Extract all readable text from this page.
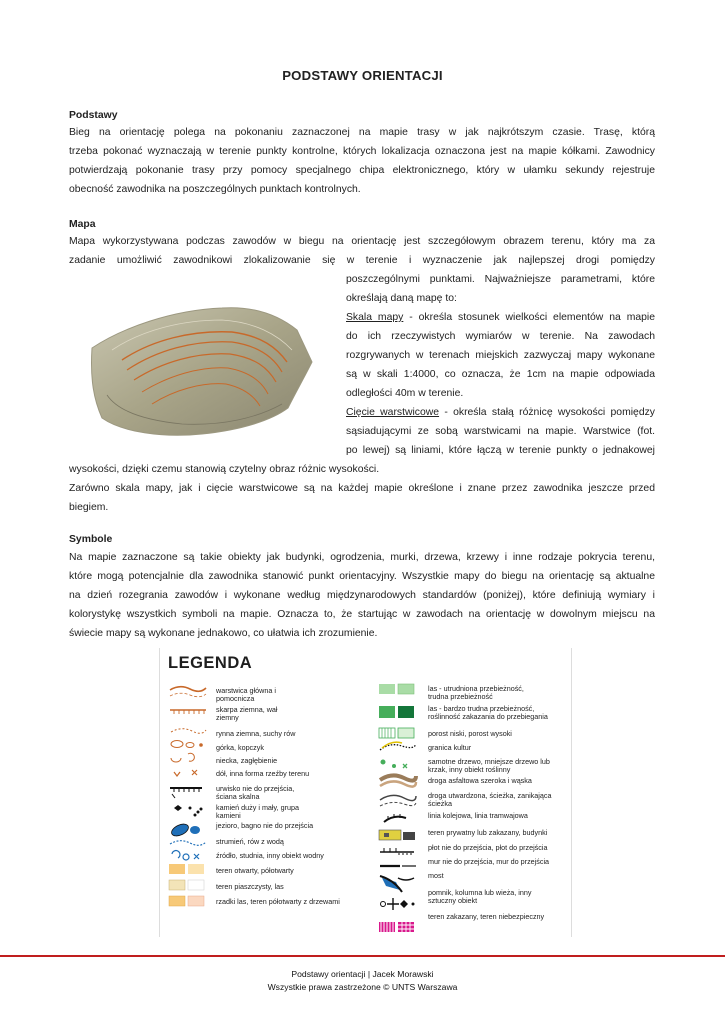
PODSTAWY ORIENTACJI
Podstawy
Bieg na orientację polega na pokonaniu zaznaczonej na mapie trasy w jak najkrótszym czasie. Trasę, którą
trzeba pokonać wyznaczają w terenie punkty kontrolne, których lokalizacja oznaczona jest na mapie kółkami. Zawodnicy
potwierdzają pokonanie trasy przy pomocy specjalnego chipa elektronicznego, który w ułamku sekundy rejestruje
obecność zawodnika na poszczególnych punktach kontrolnych.
Mapa
Mapa wykorzystywana podczas zawodów w biegu na orientację jest szczegółowym obrazem terenu, który ma za
zadanie umożliwić zawodnikowi zlokalizowanie się w terenie i wyznaczenie jak najlepszej drogi pomiędzy
poszczególnymi punktami. Najważniejsze parametrami, które
określają daną mapę to:
Skala mapy - określa stosunek wielkości elementów na mapie
do ich rzeczywistych wymiarów w terenie. Na zawodach
rozgrywanych w terenach miejskich zazwyczaj mapy wykonane
są w skali 1:4000, co oznacza, że 1cm na mapie odpowiada
odległości 40m w terenie.
Cięcie warstwicowe - określa stałą różnicę wysokości pomiędzy
sąsiadującymi ze sobą warstwicami na mapie. Warstwice (fot.
po lewej) są liniami, które łączą w terenie punkty o jednakowej
wysokości, dzięki czemu stanowią czytelny obraz różnic wysokości.
Zarówno skala mapy, jak i cięcie warstwicowe są na każdej mapie określone i znane przez zawodnika jeszcze przed
biegiem.
Symbole
Na mapie zaznaczone są takie obiekty jak budynki, ogrodzenia, murki, drzewa, krzewy i inne rodzaje pokrycia terenu,
które mogą potencjalnie dla zawodnika stanowić punkt orientacyjny. Wszystkie mapy do biegu na orientację są aktualne
na dzień rozegrania zawodów i wykonane według międzynarodowych standardów (poniżej), które definiują wymiary i
kolorystykę wszystkich symboli na mapie. Oznacza to, że startując w zawodach na orientację w dowolnym miejscu na
świecie mapy są wykonane jednakowo, co ułatwia ich zrozumienie.
LEGENDA
warstwica główna i
pomocnicza
skarpa ziemna, wał
ziemny
rynna ziemna, suchy rów
górka, kopczyk
niecka, zagłębienie
dół, inna forma rzeźby terenu
urwisko nie do przejścia,
ściana skalna
kamień duży i mały, grupa
kamieni
jezioro, bagno nie do przejścia
strumień, rów z wodą
źródło, studnia, inny obiekt wodny
teren otwarty, półotwarty
teren piaszczysty, las
rzadki las, teren półotwarty z drzewami
las - utrudniona przebieżność,
trudna przebieżność
las - bardzo trudna przebieżność,
roślinność zakazania do przebiegania
porost niski, porost wysoki
granica kultur
samotne drzewo, mniejsze drzewo lub
krzak, inny obiekt roślinny
droga asfaltowa szeroka i wąska
droga utwardzona, ścieżka, zanikająca
ścieżka
linia kolejowa, linia tramwajowa
teren prywatny lub zakazany, budynki
płot nie do przejścia, płot do przejścia
mur nie do przejścia, mur do przejścia
most
pomnik, kolumna lub wieża, inny
sztuczny obiekt
teren zakazany, teren niebezpieczny
Podstawy orientacji | Jacek Morawski
Wszystkie prawa zastrzeżone © UNTS Warszawa
